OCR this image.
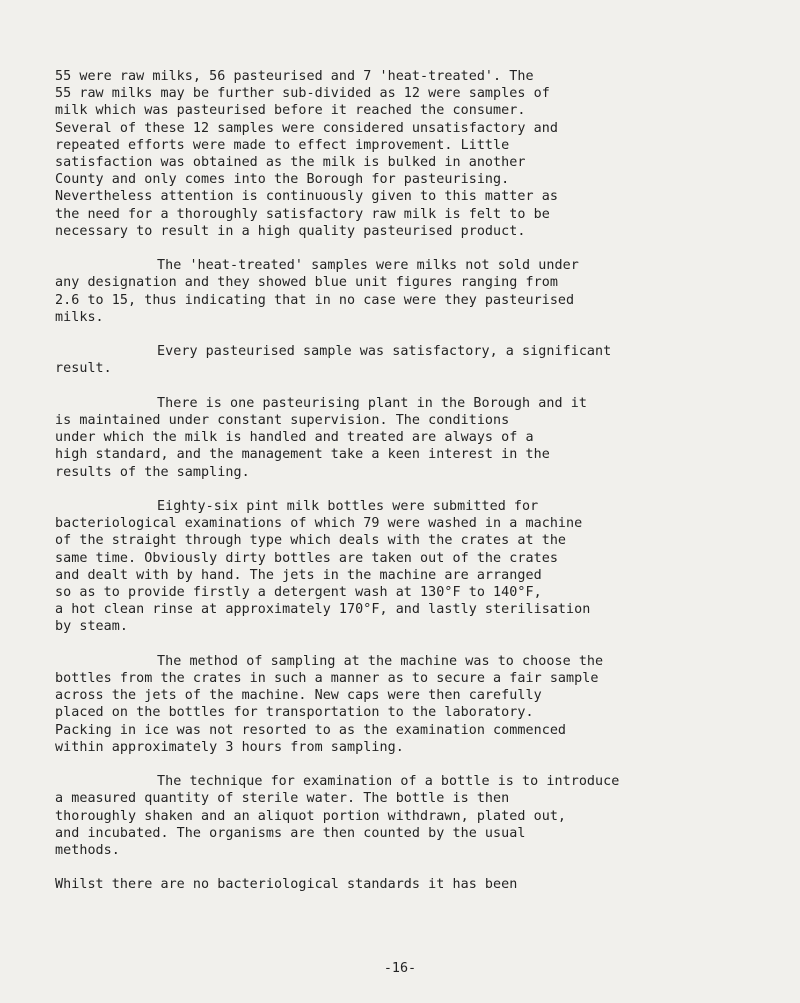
55 were raw milks, 56 pasteurised and 7 'heat-treated'. The
55 raw milks may be further sub-divided as 12 were samples of
milk which was pasteurised before it reached the consumer.
Several of these 12 samples were considered unsatisfactory and
repeated efforts were made to effect improvement. Little
satisfaction was obtained as the milk is bulked in another
County and only comes into the Borough for pasteurising.
Nevertheless attention is continuously given to this matter as
the need for a thoroughly satisfactory raw milk is felt to be
necessary to result in a high quality pasteurised product.
The 'heat-treated' samples were milks not sold under
any designation and they showed blue unit figures ranging from
2.6 to 15, thus indicating that in no case were they pasteurised
milks.
Every pasteurised sample was satisfactory, a significant
result.
There is one pasteurising plant in the Borough and it
is maintained under constant supervision. The conditions
under which the milk is handled and treated are always of a
high standard, and the management take a keen interest in the
results of the sampling.
Eighty-six pint milk bottles were submitted for
bacteriological examinations of which 79 were washed in a machine
of the straight through type which deals with the crates at the
same time. Obviously dirty bottles are taken out of the crates
and dealt with by hand. The jets in the machine are arranged
so as to provide firstly a detergent wash at 130°F to 140°F,
a hot clean rinse at approximately 170°F, and lastly sterilisation
by steam.
The method of sampling at the machine was to choose the
bottles from the crates in such a manner as to secure a fair sample
across the jets of the machine. New caps were then carefully
placed on the bottles for transportation to the laboratory.
Packing in ice was not resorted to as the examination commenced
within approximately 3 hours from sampling.
The technique for examination of a bottle is to introduce
a measured quantity of sterile water. The bottle is then
thoroughly shaken and an aliquot portion withdrawn, plated out,
and incubated. The organisms are then counted by the usual
methods.
Whilst there are no bacteriological standards it has been
-16-
